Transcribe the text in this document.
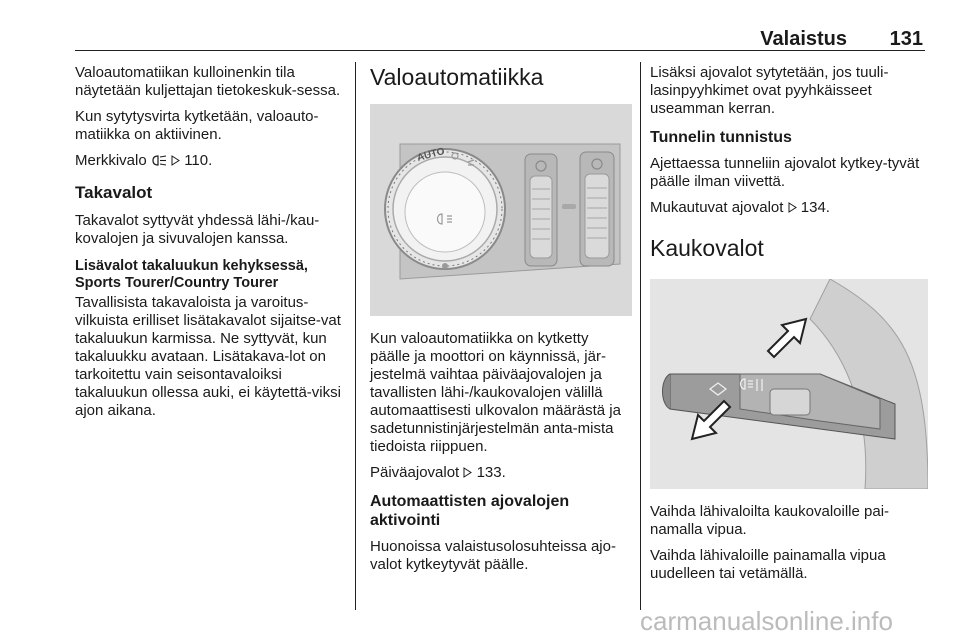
Valaistus 131

Valoautomatiikan kulloinenkin tila näytetään kuljettajan tietokeskuk-sessa.

Kun sytytysvirta kytketään, valoauto-matiikka on aktiivinen.

Merkkivalo	110.

Takavalot

Takavalot syttyvät yhdessä lähi-/kau-kovalojen ja sivuvalojen kanssa.

Lisävalot takaluukun kehyksessä, Sports Tourer/Country Tourer

Tavallisista takavaloista ja varoitus-vilkuista erilliset lisätakavalot sijaitse-vat takaluukun karmissa. Ne syttyvät, kun takaluukku avataan. Lisätakava-lot on tarkoitettu vain seisontavaloiksi takaluukun ollessa auki, ei käytettä-viksi ajon aikana.

Valoautomatiikka
AUTO

Kun valoautomatiikka on kytketty päälle ja moottori on käynnissä, jär-jestelmä vaihtaa päiväajovalojen ja tavallisten lähi-/kaukovalojen välillä automaattisesti ulkovalon määrästä ja sadetunnistinjärjestelmän anta-mista tiedoista riippuen.

Päiväajovalot 133.

Automaattisten ajovalojen aktivointi

Huonoissa valaistusolosuhteissa ajo-valot kytkeytyvät päälle.

Lisäksi ajovalot sytytetään, jos tuuli-lasinpyyhkimet ovat pyyhkäisseet useamman kerran.

Tunnelin tunnistus

Ajettaessa tunneliin ajovalot kytkey-tyvät päälle ilman viivettä.

Mukautuvat ajovalot 134.

Kaukovalot

Vaihda lähivaloilta kaukovaloille pai-namalla vipua.

Vaihda lähivaloille painamalla vipua uudelleen tai vetämällä.

carmanualsonline.info
